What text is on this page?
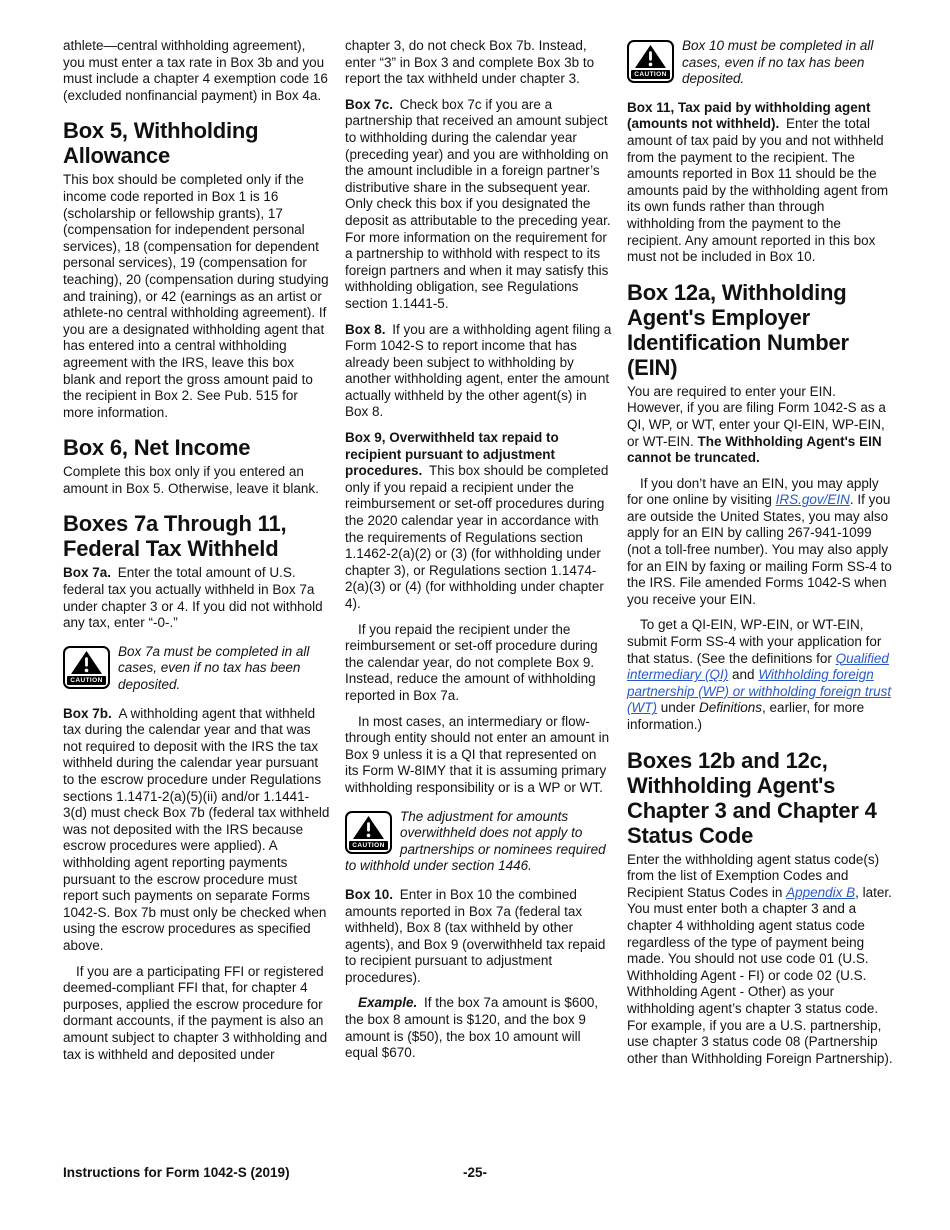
athlete—central withholding agreement), you must enter a tax rate in Box 3b and you must include a chapter 4 exemption code 16 (excluded nonfinancial payment) in Box 4a.

Box 5, Withholding Allowance

This box should be completed only if the income code reported in Box 1 is 16 (scholarship or fellowship grants), 17 (compensation for independent personal services), 18 (compensation for dependent personal services), 19 (compensation for teaching), 20 (compensation during studying and training), or 42 (earnings as an artist or athlete-no central withholding agreement). If you are a designated withholding agent that has entered into a central withholding agreement with the IRS, leave this box blank and report the gross amount paid to the recipient in Box 2. See Pub. 515 for more information.

Box 6, Net Income

Complete this box only if you entered an amount in Box 5. Otherwise, leave it blank.

Boxes 7a Through 11, Federal Tax Withheld

Box 7a. Enter the total amount of U.S. federal tax you actually withheld in Box 7a under chapter 3 or 4. If you did not withhold any tax, enter “-0-.”

CAUTION
Box 7a must be completed in all cases, even if no tax has been deposited.

Box 7b. A withholding agent that withheld tax during the calendar year and that was not required to deposit with the IRS the tax withheld during the calendar year pursuant to the escrow procedure under Regulations sections 1.1471-2(a)(5)(ii) and/or 1.1441-3(d) must check Box 7b (federal tax withheld was not deposited with the IRS because escrow procedures were applied). A withholding agent reporting payments pursuant to the escrow procedure must report such payments on separate Forms 1042-S. Box 7b must only be checked when using the escrow procedures as specified above.

If you are a participating FFI or registered deemed-compliant FFI that, for chapter 4 purposes, applied the escrow procedure for dormant accounts, if the payment is also an amount subject to chapter 3 withholding and tax is withheld and deposited under

chapter 3, do not check Box 7b. Instead, enter “3” in Box 3 and complete Box 3b to report the tax withheld under chapter 3.

Box 7c. Check box 7c if you are a partnership that received an amount subject to withholding during the calendar year (preceding year) and you are withholding on the amount includible in a foreign partner’s distributive share in the subsequent year. Only check this box if you designated the deposit as attributable to the preceding year. For more information on the requirement for a partnership to withhold with respect to its foreign partners and when it may satisfy this withholding obligation, see Regulations section 1.1441-5.

Box 8. If you are a withholding agent filing a Form 1042-S to report income that has already been subject to withholding by another withholding agent, enter the amount actually withheld by the other agent(s) in Box 8.

Box 9, Overwithheld tax repaid to recipient pursuant to adjustment procedures. This box should be completed only if you repaid a recipient under the reimbursement or set-off procedures during the 2020 calendar year in accordance with the requirements of Regulations section 1.1462-2(a)(2) or (3) (for withholding under chapter 3), or Regulations section 1.1474-2(a)(3) or (4) (for withholding under chapter 4).

If you repaid the recipient under the reimbursement or set-off procedure during the calendar year, do not complete Box 9. Instead, reduce the amount of withholding reported in Box 7a.

In most cases, an intermediary or flow-through entity should not enter an amount in Box 9 unless it is a QI that represented on its Form W-8IMY that it is assuming primary withholding responsibility or is a WP or WT.

CAUTION
The adjustment for amounts overwithheld does not apply to partnerships or nominees required to withhold under section 1446.

Box 10. Enter in Box 10 the combined amounts reported in Box 7a (federal tax withheld), Box 8 (tax withheld by other agents), and Box 9 (overwithheld tax repaid to recipient pursuant to adjustment procedures).

Example. If the box 7a amount is $600, the box 8 amount is $120, and the box 9 amount is ($50), the box 10 amount will equal $670.

CAUTION
Box 10 must be completed in all cases, even if no tax has been deposited.

Box 11, Tax paid by withholding agent (amounts not withheld). Enter the total amount of tax paid by you and not withheld from the payment to the recipient. The amounts reported in Box 11 should be the amounts paid by the withholding agent from its own funds rather than through withholding from the payment to the recipient. Any amount reported in this box must not be included in Box 10.

Box 12a, Withholding Agent's Employer Identification Number (EIN)

You are required to enter your EIN. However, if you are filing Form 1042-S as a QI, WP, or WT, enter your QI-EIN, WP-EIN, or WT-EIN. The Withholding Agent's EIN cannot be truncated.

If you don’t have an EIN, you may apply for one online by visiting IRS.gov/EIN. If you are outside the United States, you may also apply for an EIN by calling 267-941-1099 (not a toll-free number). You may also apply for an EIN by faxing or mailing Form SS-4 to the IRS. File amended Forms 1042-S when you receive your EIN.

To get a QI-EIN, WP-EIN, or WT-EIN, submit Form SS-4 with your application for that status. (See the definitions for Qualified intermediary (QI) and Withholding foreign partnership (WP) or withholding foreign trust (WT) under Definitions, earlier, for more information.)

Boxes 12b and 12c, Withholding Agent's Chapter 3 and Chapter 4 Status Code

Enter the withholding agent status code(s) from the list of Exemption Codes and Recipient Status Codes in Appendix B, later. You must enter both a chapter 3 and a chapter 4 withholding agent status code regardless of the type of payment being made. You should not use code 01 (U.S. Withholding Agent - FI) or code 02 (U.S. Withholding Agent - Other) as your withholding agent’s chapter 3 status code. For example, if you are a U.S. partnership, use chapter 3 status code 08 (Partnership other than Withholding Foreign Partnership).

Instructions for Form 1042-S (2019)	-25-
